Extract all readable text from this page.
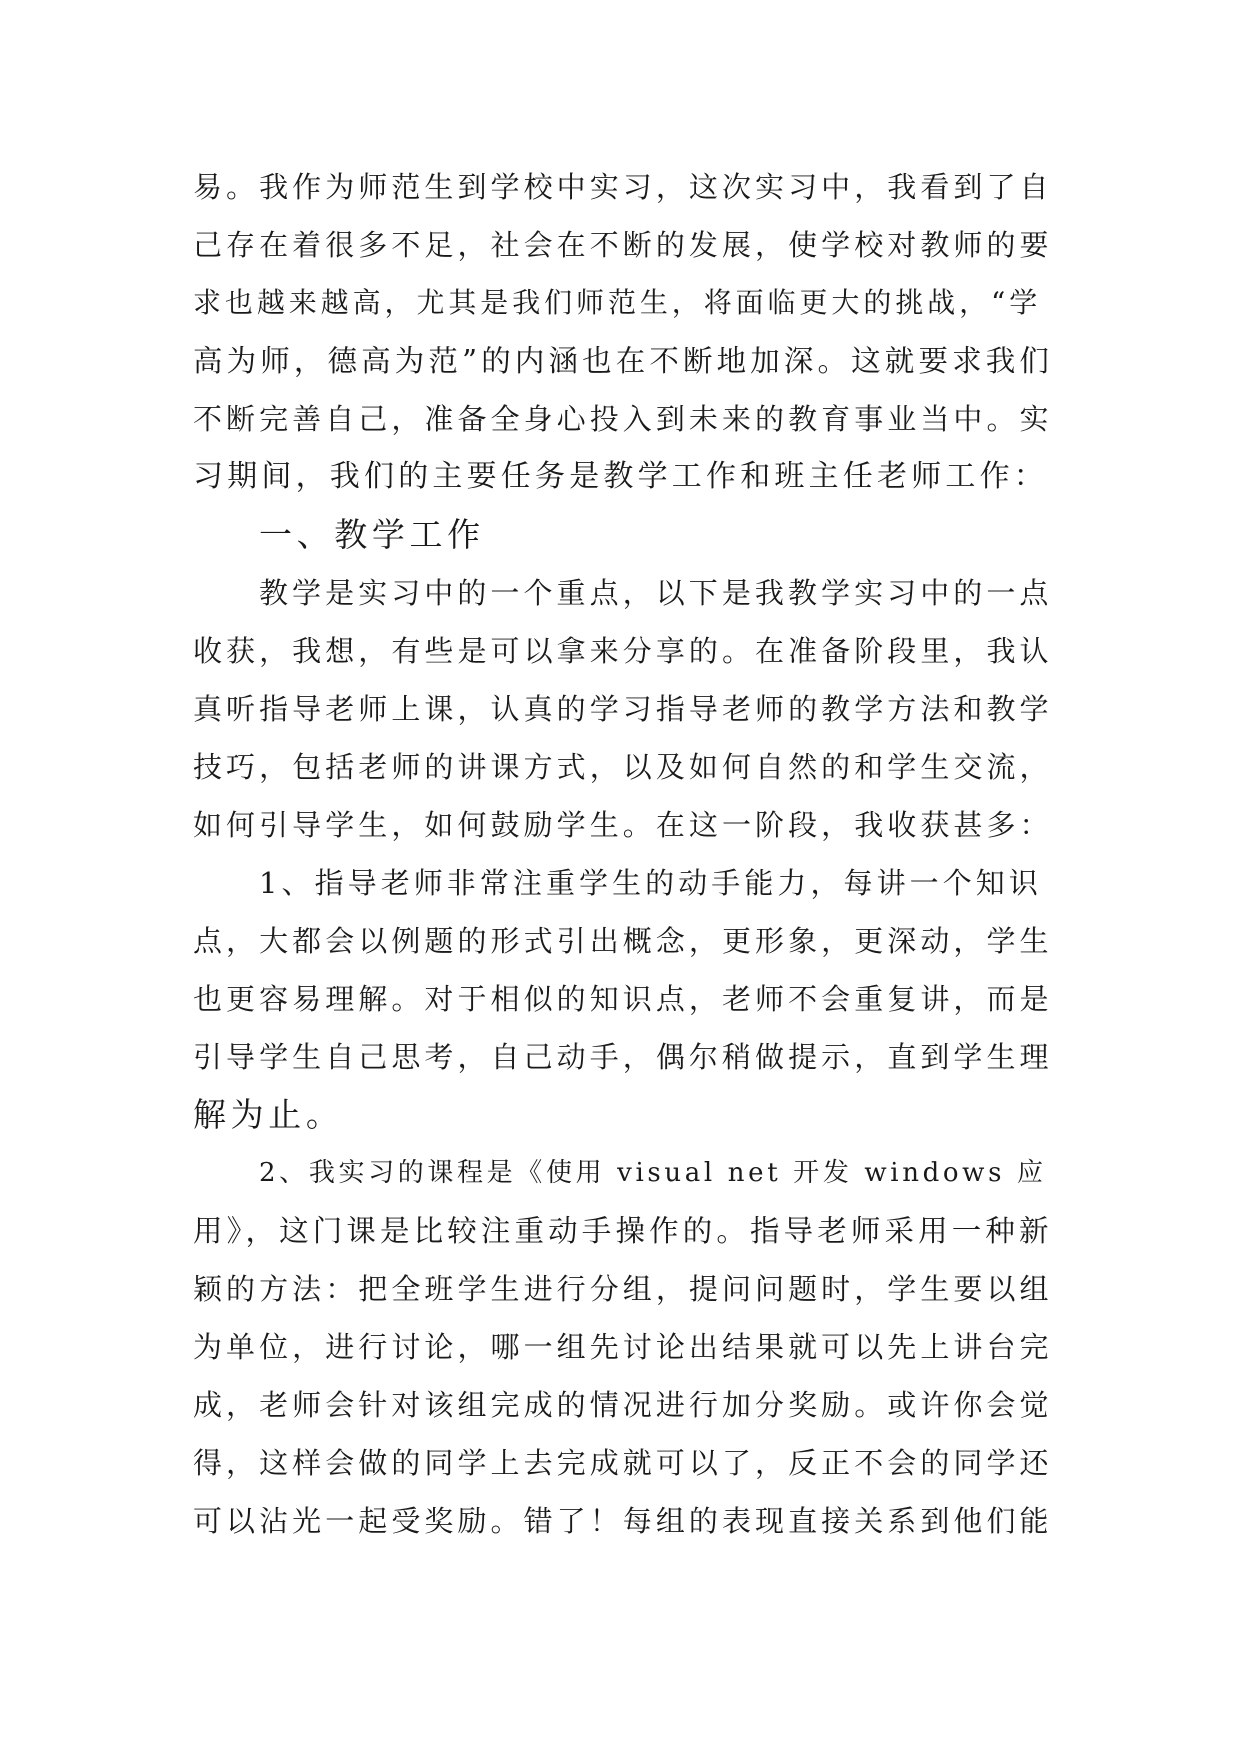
易。我作为师范生到学校中实习，这次实习中，我看到了自
己存在着很多不足，社会在不断的发展，使学校对教师的要
求也越来越高，尤其是我们师范生，将面临更大的挑战，“学
高为师，德高为范”的内涵也在不断地加深。这就要求我们
不断完善自己，准备全身心投入到未来的教育事业当中。实
习期间，我们的主要任务是教学工作和班主任老师工作：
一、教学工作
教学是实习中的一个重点，以下是我教学实习中的一点
收获，我想，有些是可以拿来分享的。在准备阶段里，我认
真听指导老师上课，认真的学习指导老师的教学方法和教学
技巧，包括老师的讲课方式，以及如何自然的和学生交流，
如何引导学生，如何鼓励学生。在这一阶段，我收获甚多：
1、指导老师非常注重学生的动手能力，每讲一个知识
点，大都会以例题的形式引出概念，更形象，更深动，学生
也更容易理解。对于相似的知识点，老师不会重复讲，而是
引导学生自己思考，自己动手，偶尔稍做提示，直到学生理
解为止。
2、我实习的课程是《使用 visual net 开发 windows 应
用》，这门课是比较注重动手操作的。指导老师采用一种新
颖的方法：把全班学生进行分组，提问问题时，学生要以组
为单位，进行讨论，哪一组先讨论出结果就可以先上讲台完
成，老师会针对该组完成的情况进行加分奖励。或许你会觉
得，这样会做的同学上去完成就可以了，反正不会的同学还
可以沾光一起受奖励。错了！每组的表现直接关系到他们能
